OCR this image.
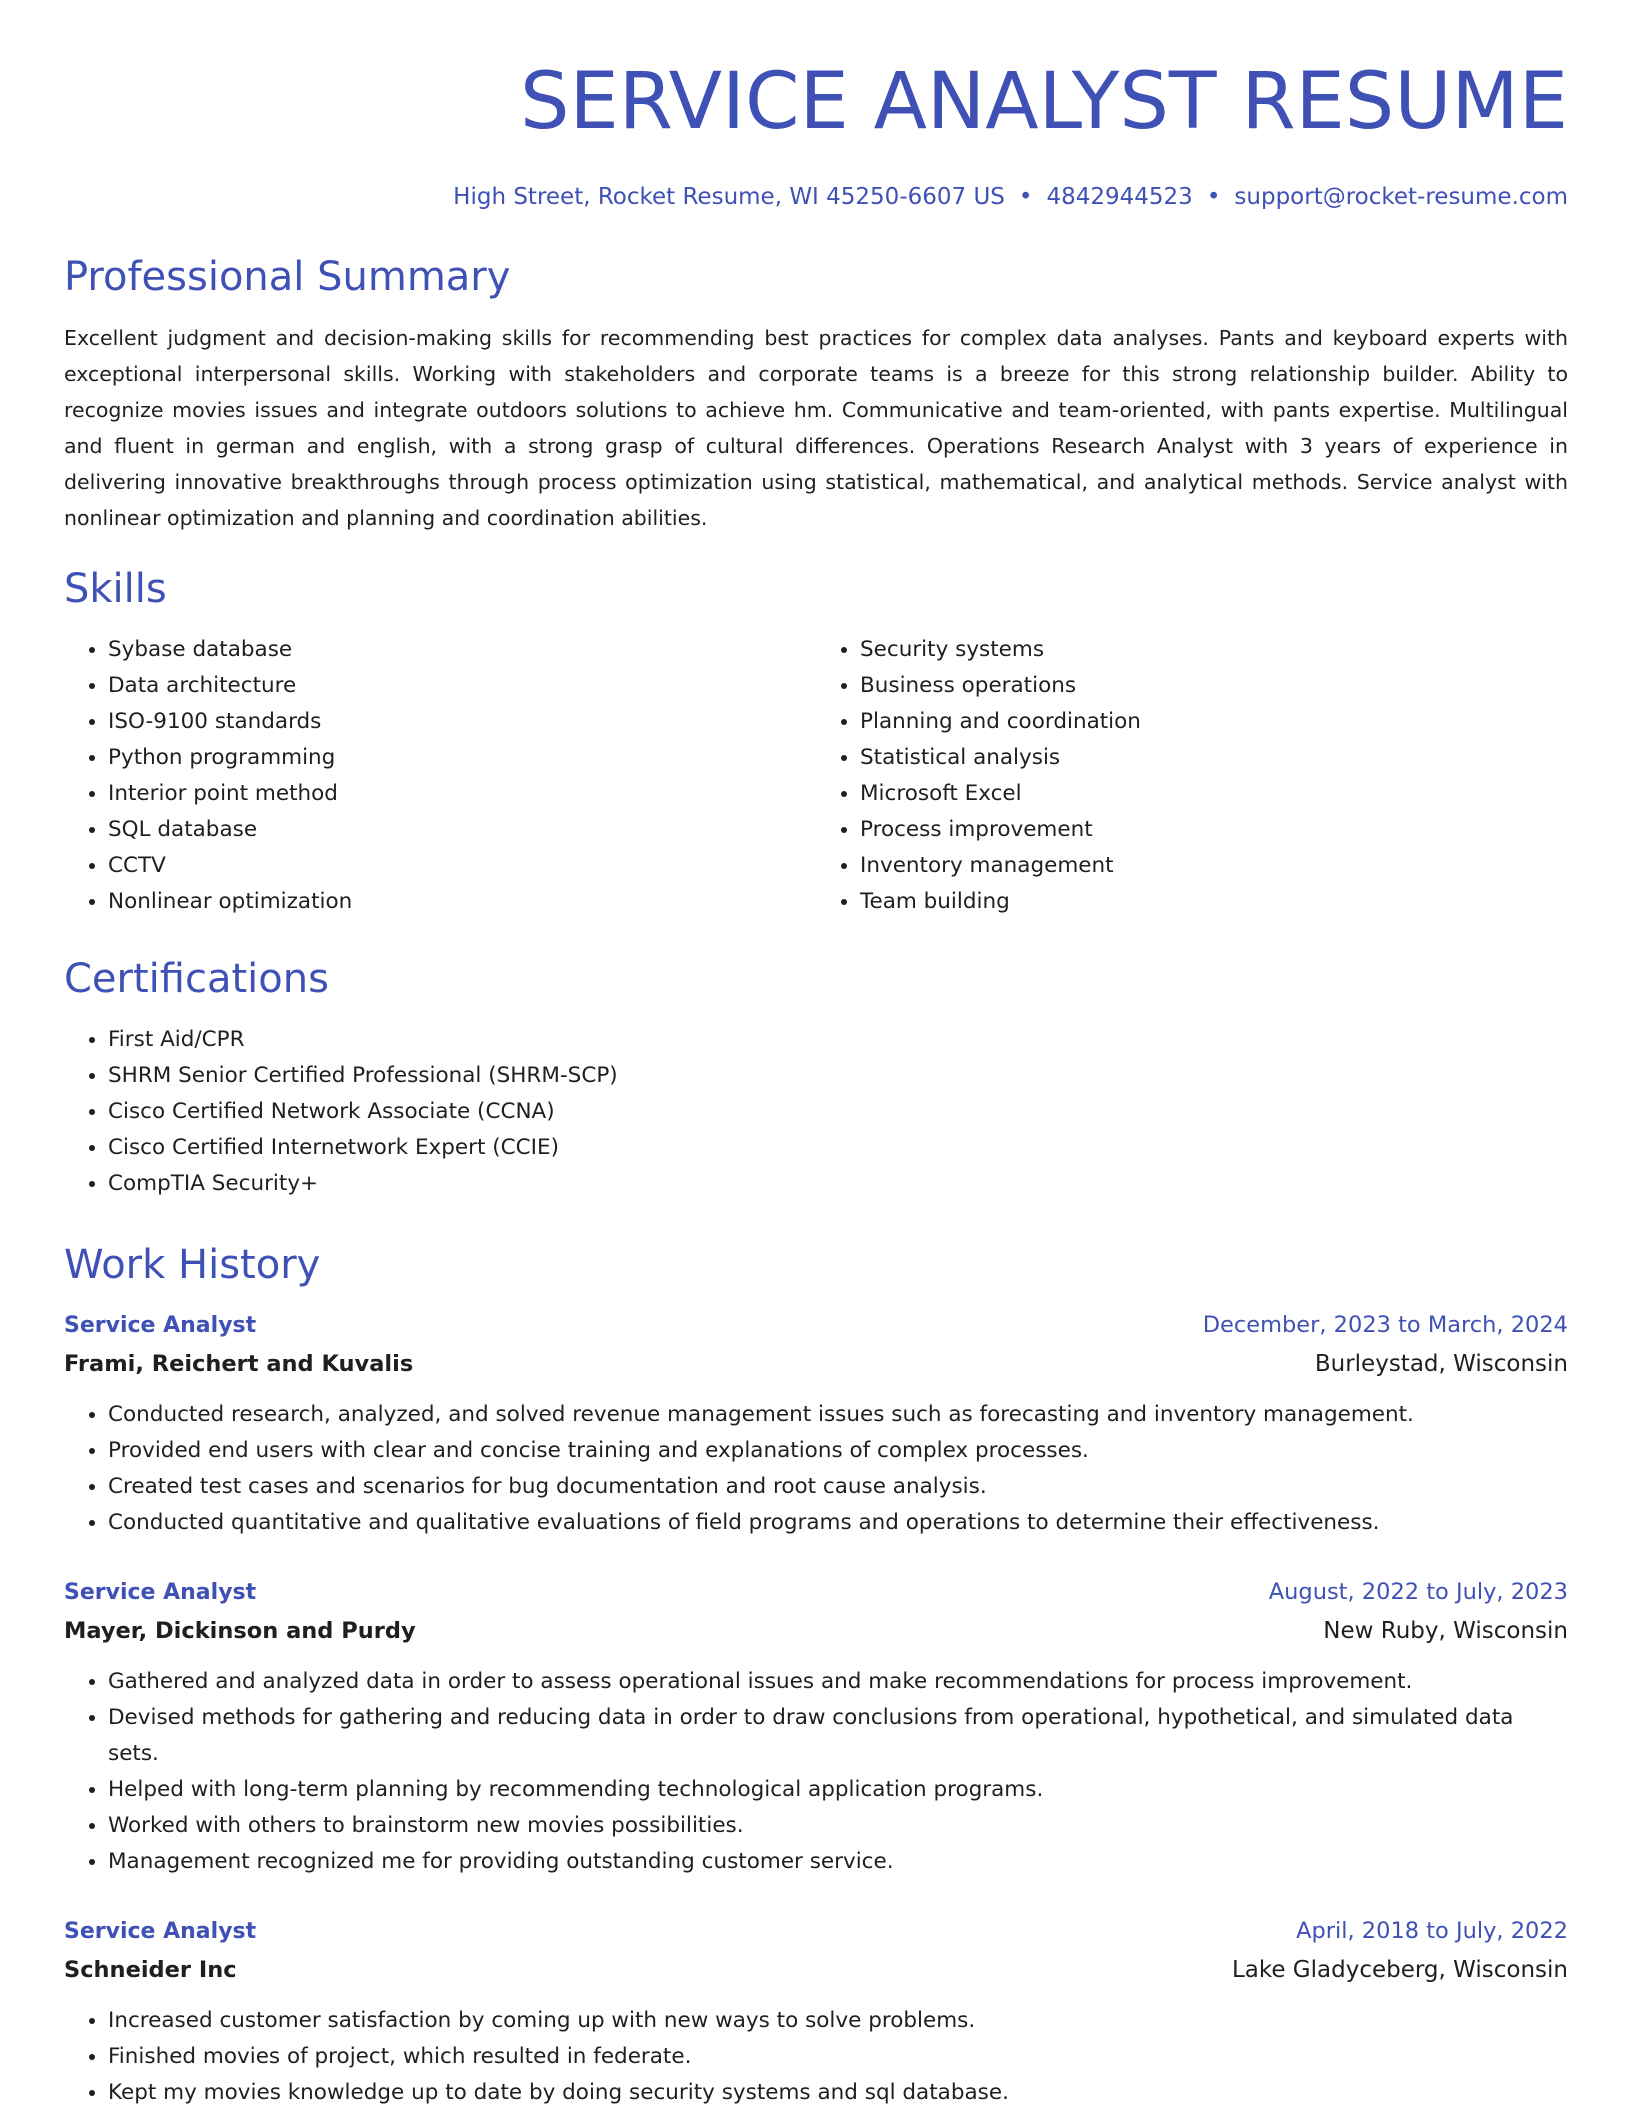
SERVICE ANALYST RESUME
High Street, Rocket Resume, WI 45250-6607 US • 4842944523 • support@rocket-resume.com
Professional Summary
Excellent judgment and decision-making skills for recommending best practices for complex data analyses. Pants and keyboard experts with exceptional interpersonal skills. Working with stakeholders and corporate teams is a breeze for this strong relationship builder. Ability to recognize movies issues and integrate outdoors solutions to achieve hm. Communicative and team-oriented, with pants expertise. Multilingual and fluent in german and english, with a strong grasp of cultural differences. Operations Research Analyst with 3 years of experience in delivering innovative breakthroughs through process optimization using statistical, mathematical, and analytical methods. Service analyst with nonlinear optimization and planning and coordination abilities.
Skills
• Sybase database
• Data architecture
• ISO-9100 standards
• Python programming
• Interior point method
• SQL database
• CCTV
• Nonlinear optimization
• Security systems
• Business operations
• Planning and coordination
• Statistical analysis
• Microsoft Excel
• Process improvement
• Inventory management
• Team building
Certifications
• First Aid/CPR
• SHRM Senior Certified Professional (SHRM-SCP)
• Cisco Certified Network Associate (CCNA)
• Cisco Certified Internetwork Expert (CCIE)
• CompTIA Security+
Work History
Service Analyst	December, 2023 to March, 2024
Frami, Reichert and Kuvalis	Burleystad, Wisconsin
• Conducted research, analyzed, and solved revenue management issues such as forecasting and inventory management.
• Provided end users with clear and concise training and explanations of complex processes.
• Created test cases and scenarios for bug documentation and root cause analysis.
• Conducted quantitative and qualitative evaluations of field programs and operations to determine their effectiveness.
Service Analyst	August, 2022 to July, 2023
Mayer, Dickinson and Purdy	New Ruby, Wisconsin
• Gathered and analyzed data in order to assess operational issues and make recommendations for process improvement.
• Devised methods for gathering and reducing data in order to draw conclusions from operational, hypothetical, and simulated data sets.
• Helped with long-term planning by recommending technological application programs.
• Worked with others to brainstorm new movies possibilities.
• Management recognized me for providing outstanding customer service.
Service Analyst	April, 2018 to July, 2022
Schneider Inc	Lake Gladyceberg, Wisconsin
• Increased customer satisfaction by coming up with new ways to solve problems.
• Finished movies of project, which resulted in federate.
• Kept my movies knowledge up to date by doing security systems and sql database.
